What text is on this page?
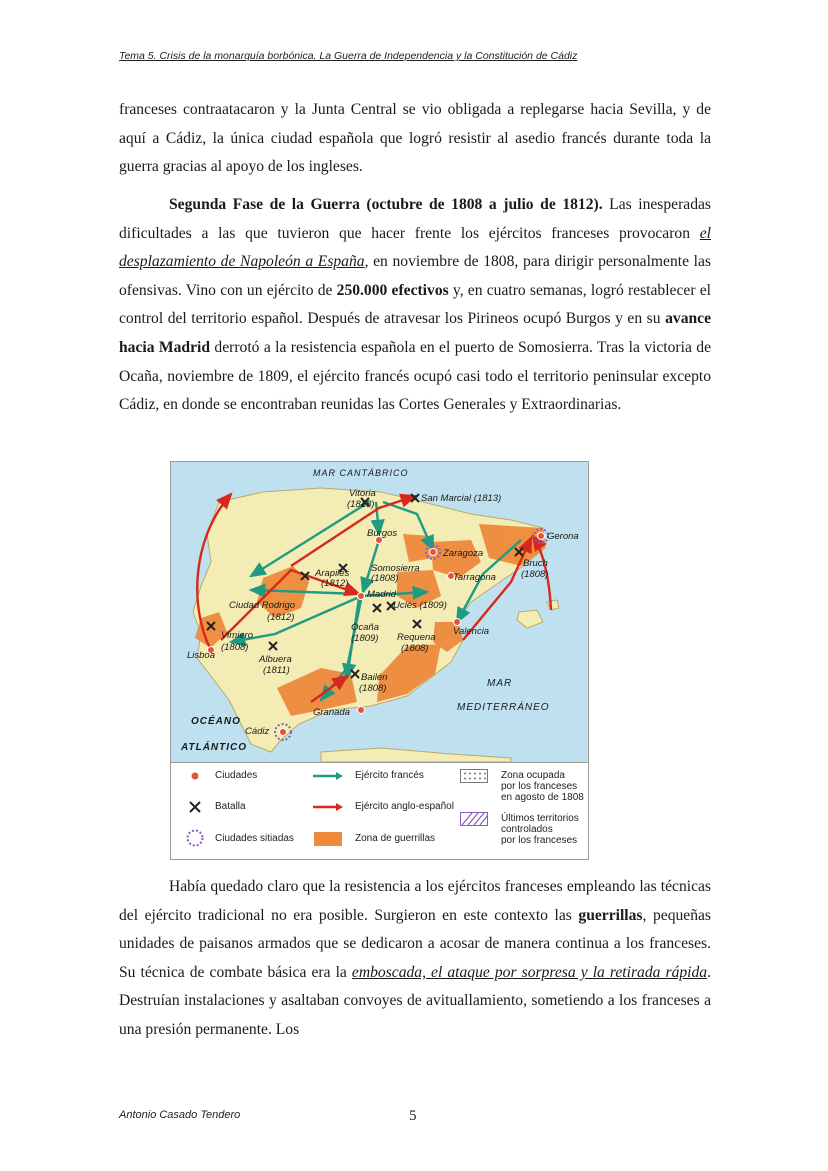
Tema 5. Crisis de la monarquía borbónica. La Guerra de Independencia y la Constitución de Cádiz
franceses contraatacaron y la Junta Central se vio obligada a replegarse hacia Sevilla, y de aquí a Cádiz, la única ciudad española que logró resistir al asedio francés durante toda la guerra gracias al apoyo de los ingleses.
Segunda Fase de la Guerra (octubre de 1808 a julio de 1812). Las inesperadas dificultades a las que tuvieron que hacer frente los ejércitos franceses provocaron el desplazamiento de Napoleón a España, en noviembre de 1808, para dirigir personalmente las ofensivas. Vino con un ejército de 250.000 efectivos y, en cuatro semanas, logró restablecer el control del territorio español. Después de atravesar los Pirineos ocupó Burgos y en su avance hacia Madrid derrotó a la resistencia española en el puerto de Somosierra. Tras la victoria de Ocaña, noviembre de 1809, el ejército francés ocupó casi todo el territorio peninsular excepto Cádiz, en donde se encontraban reunidas las Cortes Generales y Extraordinarias.
MAR CANTÁBRICO
Vitoria
(1813)
San Marcial (1813)
Burgos
Zaragoza
Gerona
Bruch
(1808)
Tarragona
Arapiles
(1812)
Somosierra
(1808)
Madrid
Ciudad Rodrigo
(1812)
Uclés (1809)
Ocaña
(1809) Requena
(1808)
Valencia
Vimiero
(1808)
Lisboa	Albuera
(1811)
Bailén
(1808)
Granada
Cádiz
MAR
MEDITERRÁNEO
OCÉANO
ATLÁNTICO
Ciudades
Batalla
Ciudades sitiadas
Ejército francés
Ejército anglo-español
Zona de guerrillas
Zona ocupada
por los franceses
en agosto de 1808
Últimos territorios
controlados
por los franceses
Había quedado claro que la resistencia a los ejércitos franceses empleando las técnicas del ejército tradicional no era posible. Surgieron en este contexto las guerrillas, pequeñas unidades de paisanos armados que se dedicaron a acosar de manera continua a los franceses. Su técnica de combate básica era la emboscada, el ataque por sorpresa y la retirada rápida. Destruían instalaciones y asaltaban convoyes de avituallamiento, sometiendo a los franceses a una presión permanente. Los
Antonio Casado Tendero	5
